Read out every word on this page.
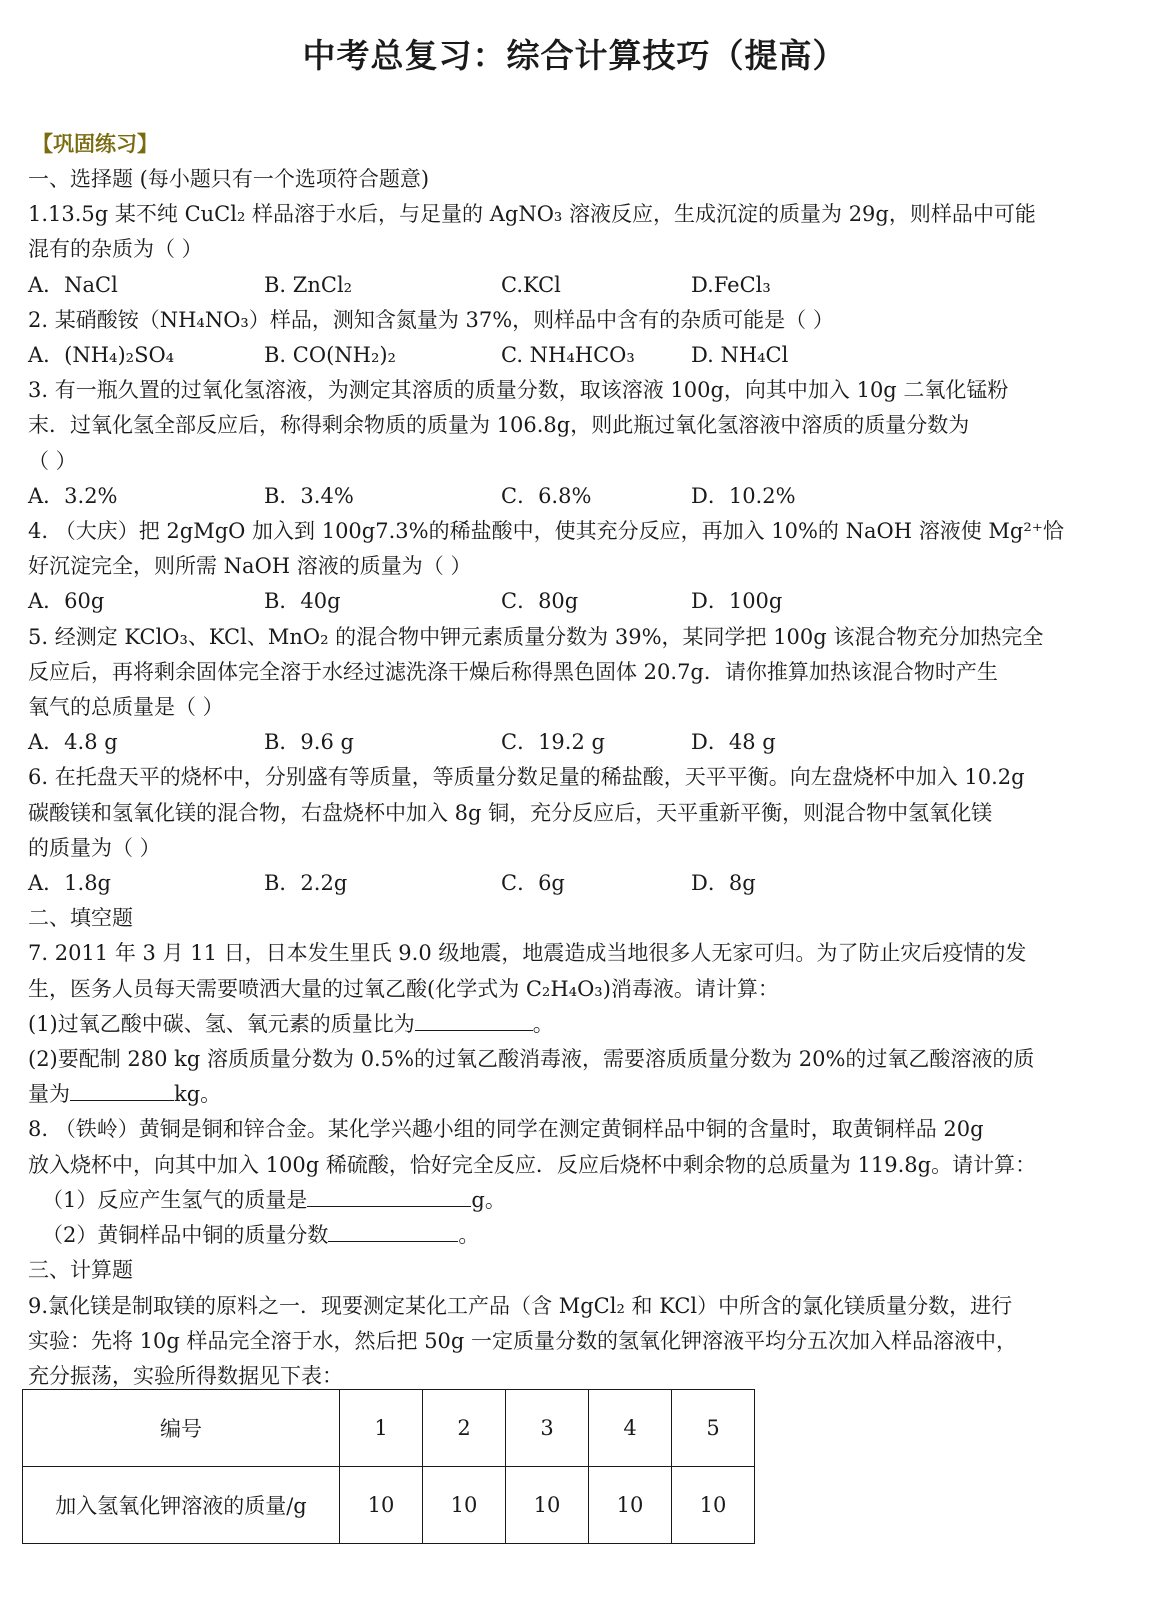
中考总复习：综合计算技巧（提高）
【巩固练习】
一、选择题 (每小题只有一个选项符合题意)
1.13.5g 某不纯 CuCl₂ 样品溶于水后，与足量的 AgNO₃ 溶液反应，生成沉淀的质量为 29g，则样品中可能
混有的杂质为（ ）
A．NaCl	B. ZnCl₂	C.KCl	D.FeCl₃
2. 某硝酸铵（NH₄NO₃）样品，测知含氮量为 37%，则样品中含有的杂质可能是（ ）
A．(NH₄)₂SO₄	B. CO(NH₂)₂	C. NH₄HCO₃	D. NH₄Cl
3. 有一瓶久置的过氧化氢溶液，为测定其溶质的质量分数，取该溶液 100g，向其中加入 10g 二氧化锰粉
末．过氧化氢全部反应后，称得剩余物质的质量为 106.8g，则此瓶过氧化氢溶液中溶质的质量分数为
（ ）
A．3.2%	B．3.4%	C．6.8%	D．10.2%
4. （大庆）把 2gMgO 加入到 100g7.3%的稀盐酸中，使其充分反应，再加入 10%的 NaOH 溶液使 Mg²⁺恰
好沉淀完全，则所需 NaOH 溶液的质量为（ ）
A．60g	B．40g	C．80g	D．100g
5. 经测定 KClO₃、KCl、MnO₂ 的混合物中钾元素质量分数为 39%，某同学把 100g 该混合物充分加热完全
反应后，再将剩余固体完全溶于水经过滤洗涤干燥后称得黑色固体 20.7g．请你推算加热该混合物时产生
氧气的总质量是（ ）
A．4.8 g	B．9.6 g	C．19.2 g	D．48 g
6. 在托盘天平的烧杯中，分别盛有等质量，等质量分数足量的稀盐酸，天平平衡。向左盘烧杯中加入 10.2g
碳酸镁和氢氧化镁的混合物，右盘烧杯中加入 8g 铜，充分反应后，天平重新平衡，则混合物中氢氧化镁
的质量为（ ）
A．1.8g	B．2.2g	C．6g	D．8g
二、填空题
7. 2011 年 3 月 11 日，日本发生里氏 9.0 级地震，地震造成当地很多人无家可归。为了防止灾后疫情的发
生，医务人员每天需要喷洒大量的过氧乙酸(化学式为 C₂H₄O₃)消毒液。请计算：
(1)过氧乙酸中碳、氢、氧元素的质量比为	。
(2)要配制 280 kg 溶质质量分数为 0.5%的过氧乙酸消毒液，需要溶质质量分数为 20%的过氧乙酸溶液的质
量为	kg。
8. （铁岭）黄铜是铜和锌合金。某化学兴趣小组的同学在测定黄铜样品中铜的含量时，取黄铜样品 20g
放入烧杯中，向其中加入 100g 稀硫酸，恰好完全反应．反应后烧杯中剩余物的总质量为 119.8g。请计算：
（1）反应产生氢气的质量是	g。
（2）黄铜样品中铜的质量分数	。
三、计算题
9.氯化镁是制取镁的原料之一．现要测定某化工产品（含 MgCl₂ 和 KCl）中所含的氯化镁质量分数，进行
实验：先将 10g 样品完全溶于水，然后把 50g 一定质量分数的氢氧化钾溶液平均分五次加入样品溶液中，
充分振荡，实验所得数据见下表：
编号	1	2	3	4	5
加入氢氧化钾溶液的质量/g	10	10	10	10	10
